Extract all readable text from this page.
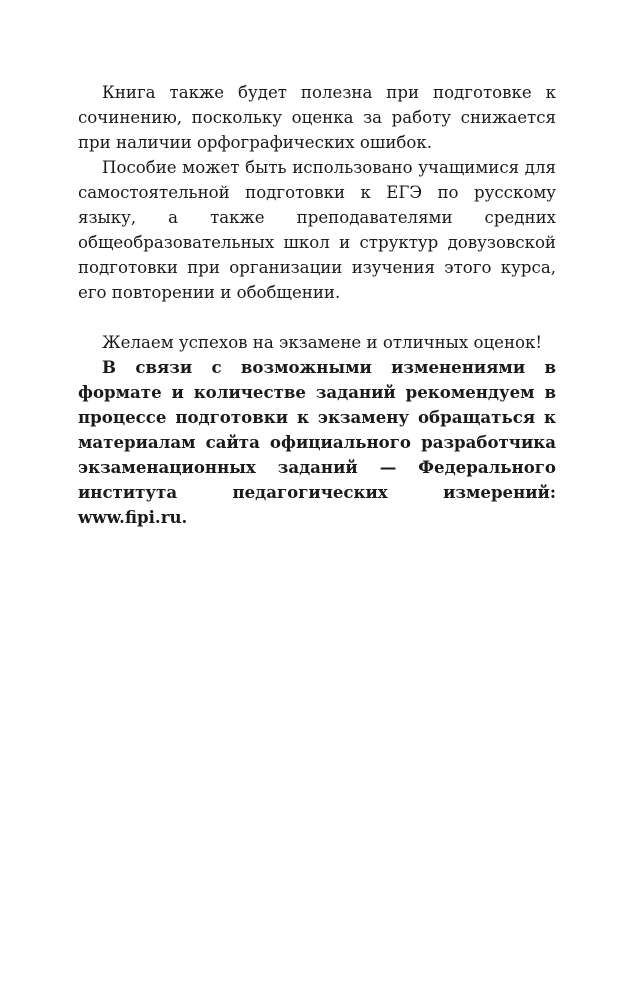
Книга также будет полезна при подготовке к сочинению, поскольку оценка за работу снижается при наличии орфографических ошибок.

Пособие может быть использовано учащимися для самостоятельной подготовки к ЕГЭ по русскому языку, а также преподавателями средних общеобразовательных школ и структур довузовской подготовки при организации изучения этого курса, его повторении и обобщении.

Желаем успехов на экзамене и отличных оценок!

В связи с возможными изменениями в формате и количестве заданий рекомендуем в процессе подготовки к экзамену обращаться к материалам сайта официального разработчика экзаменационных заданий — Федерального института педагогических измерений: www.fipi.ru.
